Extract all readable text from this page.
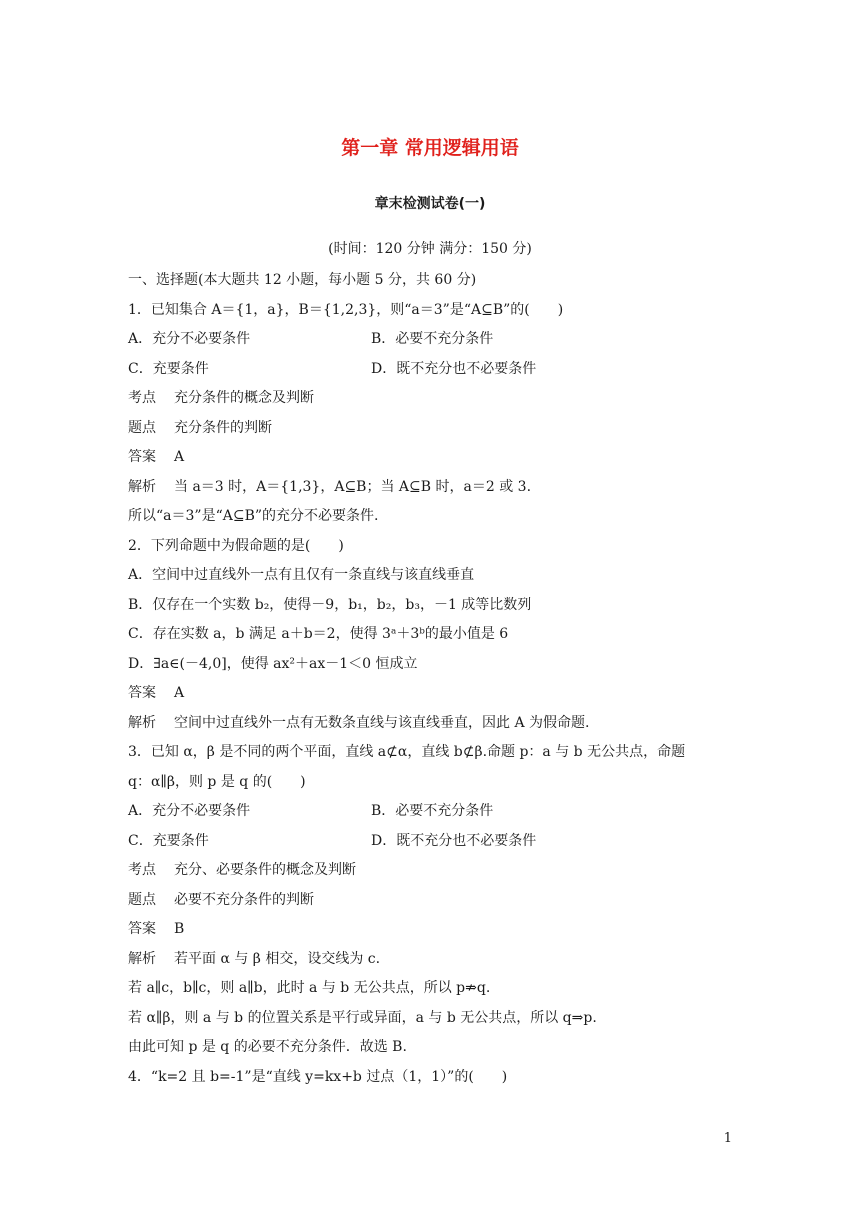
第一章 常用逻辑用语
章末检测试卷(一)
(时间：120 分钟 满分：150 分)
一、选择题(本大题共 12 小题，每小题 5 分，共 60 分)
1．已知集合 A＝{1，a}，B＝{1,2,3}，则“a＝3”是“A⊆B”的(　　)
A．充分不必要条件	B．必要不充分条件
C．充要条件	D．既不充分也不必要条件
考点 充分条件的概念及判断
题点 充分条件的判断
答案 A
解析 当 a＝3 时，A＝{1,3}，A⊆B；当 A⊆B 时，a＝2 或 3.
所以“a＝3”是“A⊆B”的充分不必要条件.
2．下列命题中为假命题的是(　　)
A．空间中过直线外一点有且仅有一条直线与该直线垂直
B．仅存在一个实数 b₂，使得－9，b₁，b₂，b₃，－1 成等比数列
C．存在实数 a，b 满足 a＋b＝2，使得 3ᵃ＋3ᵇ的最小值是 6
D．∃a∈(－4,0]，使得 ax²＋ax－1＜0 恒成立
答案 A
解析 空间中过直线外一点有无数条直线与该直线垂直，因此 A 为假命题.
3．已知 α，β 是不同的两个平面，直线 a⊄α，直线 b⊄β.命题 p：a 与 b 无公共点，命题
q：α∥β，则 p 是 q 的(　　)
A．充分不必要条件	B．必要不充分条件
C．充要条件	D．既不充分也不必要条件
考点 充分、必要条件的概念及判断
题点 必要不充分条件的判断
答案 B
解析 若平面 α 与 β 相交，设交线为 c.
若 a∥c，b∥c，则 a∥b，此时 a 与 b 无公共点，所以 p⇏q.
若 α∥β，则 a 与 b 的位置关系是平行或异面，a 与 b 无公共点，所以 q⇒p.
由此可知 p 是 q 的必要不充分条件．故选 B.
4．“k=2 且 b=-1”是“直线 y=kx+b 过点（1，1）”的(　　)
1
